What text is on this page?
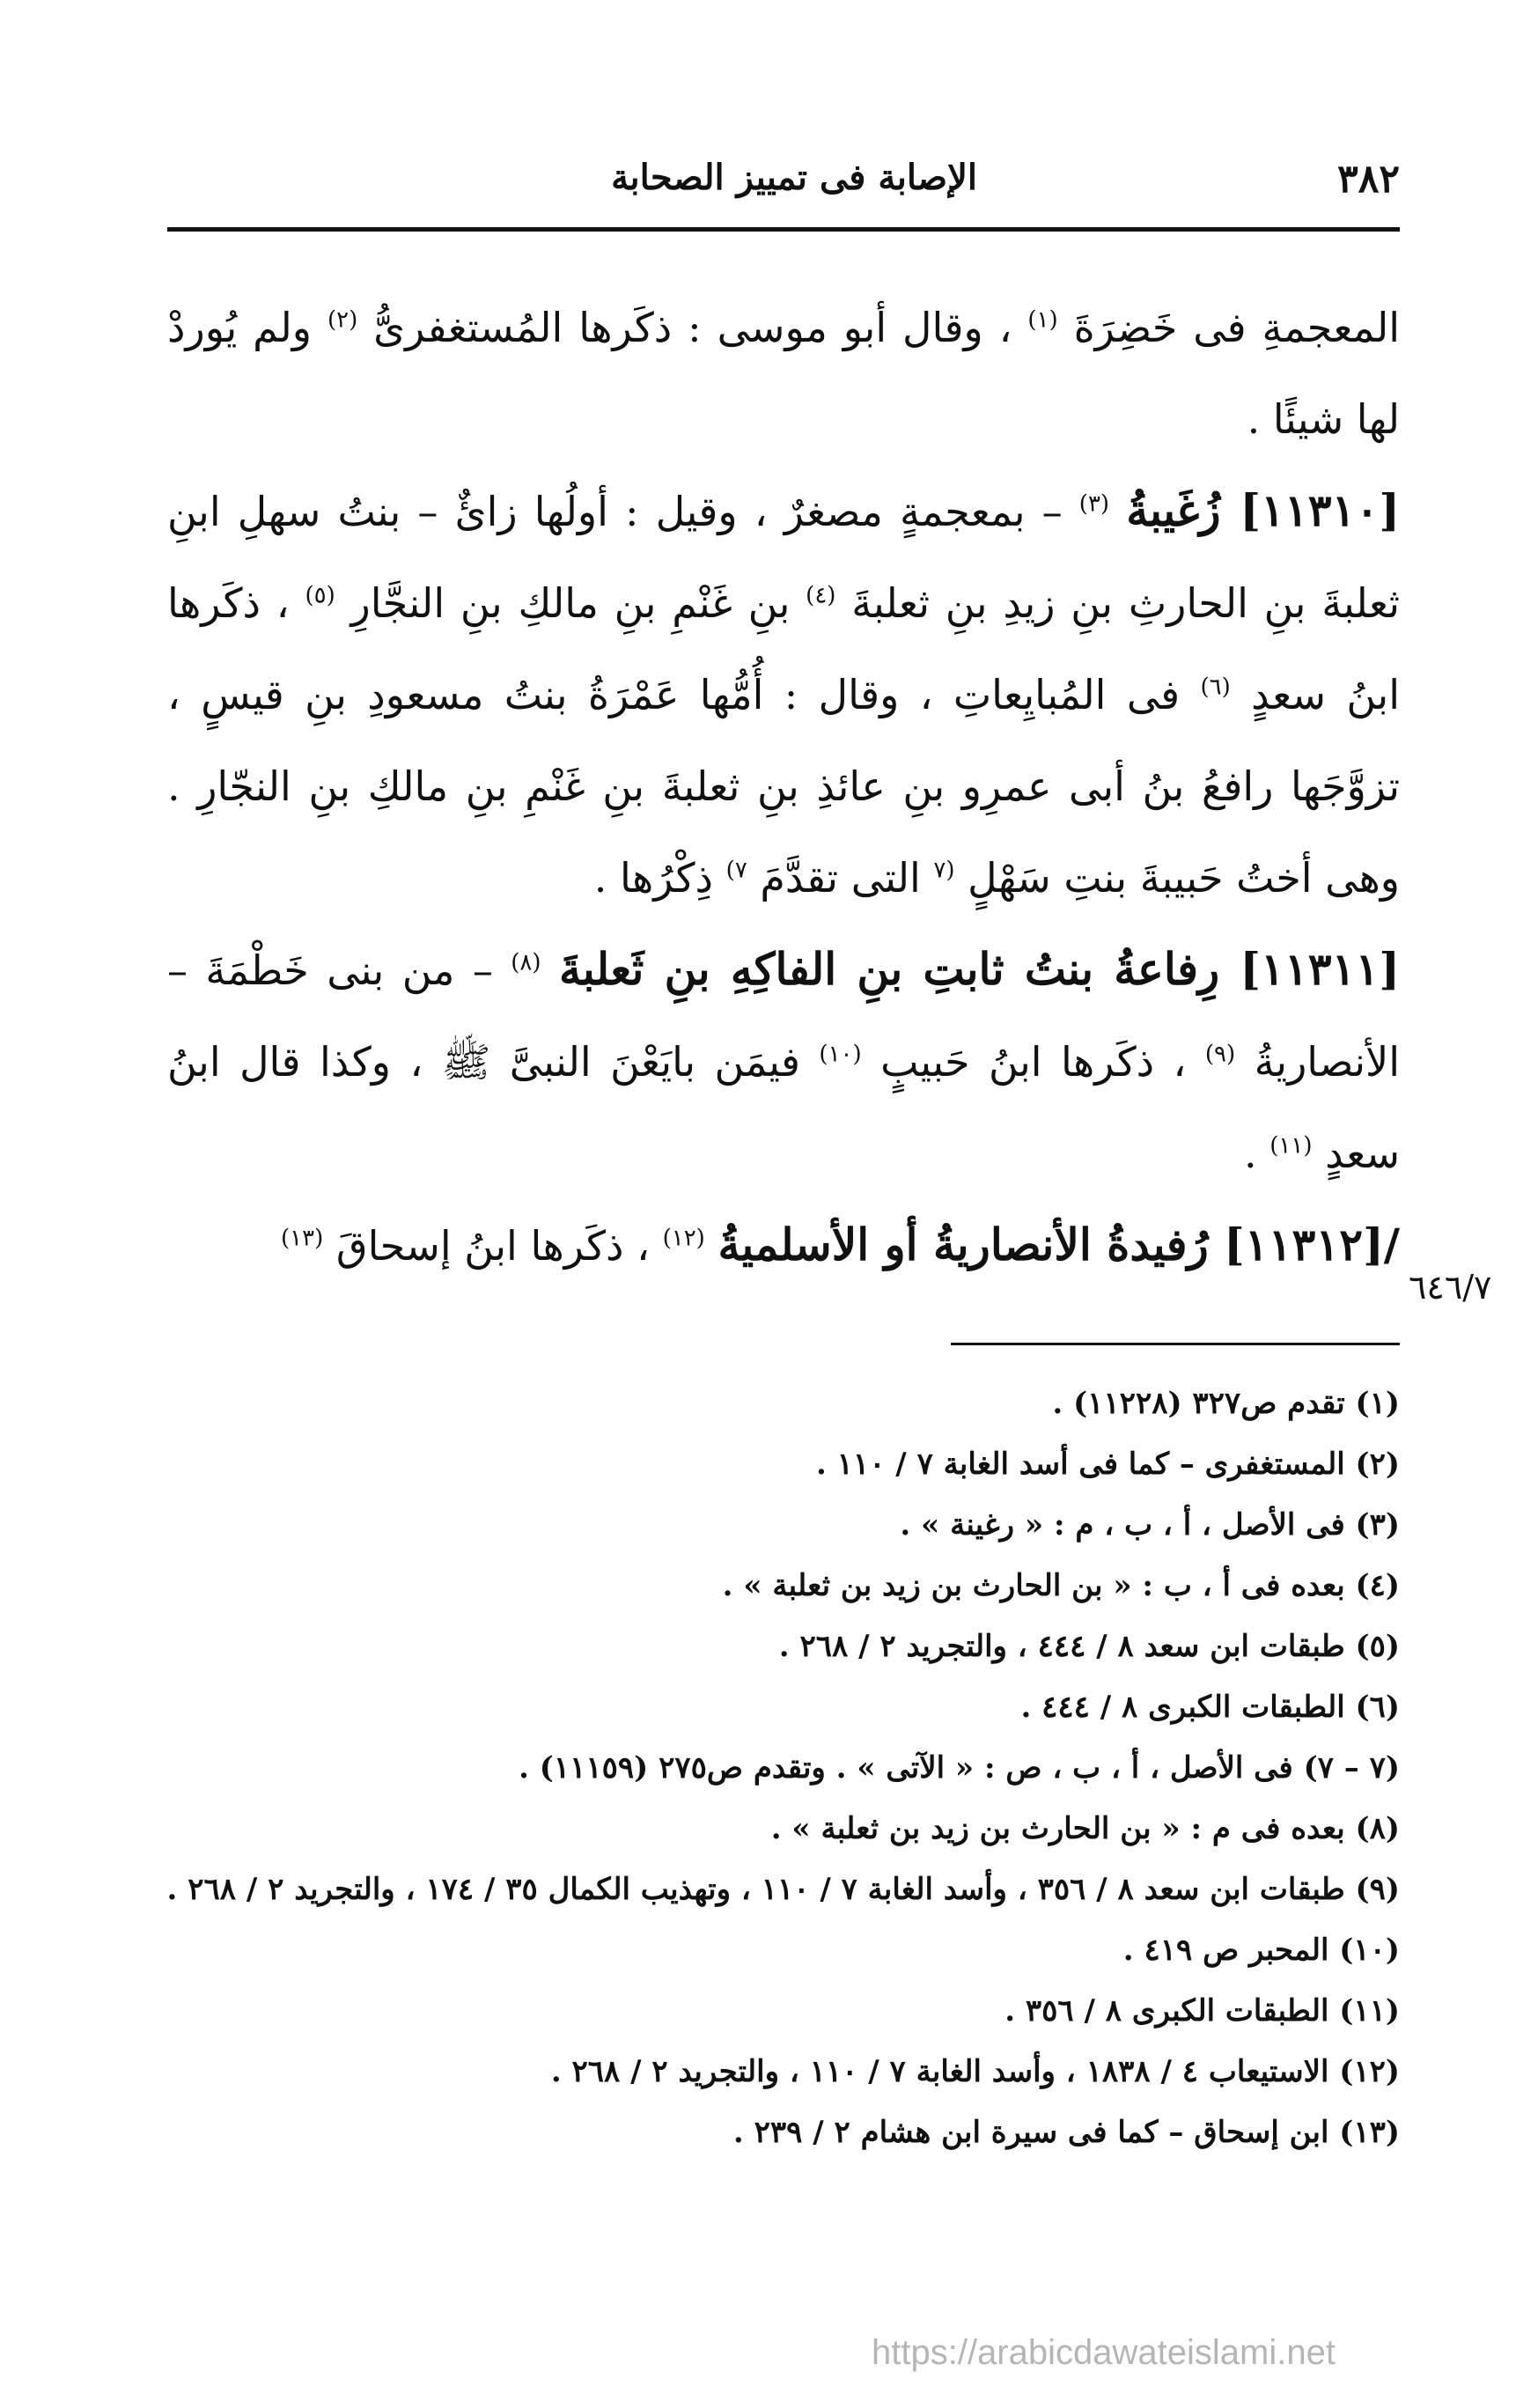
٣٨٢
الإصابة فى تمييز الصحابة

المعجمةِ فى خَضِرَةَ $^{(١)}$ ، وقال أبو موسى : ذكَرها المُستغفرىُّ $^{(٢)}$ ولم يُوردْ لها شيئًا .

[١١٣١٠] زُغَيبةُ $^{(٣)}$ – بمعجمةٍ مصغرٌ ، وقيل : أولُها زائٌ – بنتُ سهلِ ابنِ ثعلبةَ بنِ الحارثِ بنِ زيدِ بنِ ثعلبةَ $^{(٤)}$ بنِ غَنْمِ بنِ مالكِ بنِ النجَّارِ $^{(٥)}$ ، ذكَرها ابنُ سعدٍ $^{(٦)}$ فى المُبايِعاتِ ، وقال : أُمُّها عَمْرَةُ بنتُ مسعودِ بنِ قيسٍ ، تزوَّجَها رافعُ بنُ أبى عمرِو بنِ عائذِ بنِ ثعلبةَ بنِ غَنْمِ بنِ مالكِ بنِ النجّارِ . وهى أختُ حَبيبةَ بنتِ سَهْلٍ $^{(٧}$ التى تقدَّمَ $^{٧)}$ ذِكْرُها .

[١١٣١١] رِفاعةُ بنتُ ثابتِ بنِ الفاكِهِ بنِ ثَعلبةَ $^{(٨)}$ – من بنى خَطْمَةَ – الأنصاريةُ $^{(٩)}$ ، ذكَرها ابنُ حَبيبٍ $^{(١٠)}$ فيمَن بايَعْنَ النبىَّ ﷺ ، وكذا قال ابنُ سعدٍ $^{(١١)}$ .

/[١١٣١٢] رُفيدةُ الأنصاريةُ أو الأسلميةُ $^{(١٢)}$ ، ذكَرها ابنُ إسحاقَ $^{(١٣)}$

٦٤٦/٧

(١) تقدم ص٣٢٧ (١١٢٢٨) .

(٢) المستغفرى – كما فى أسد الغابة ٧ / ١١٠ .

(٣) فى الأصل ، أ ، ب ، م : « رغينة » .

(٤) بعده فى أ ، ب : « بن الحارث بن زيد بن ثعلبة » .

(٥) طبقات ابن سعد ٨ / ٤٤٤ ، والتجريد ٢ / ٢٦٨ .

(٦) الطبقات الكبرى ٨ / ٤٤٤ .

(٧ – ٧) فى الأصل ، أ ، ب ، ص : « الآتى » . وتقدم ص٢٧٥ (١١١٥٩) .

(٨) بعده فى م : « بن الحارث بن زيد بن ثعلبة » .

(٩) طبقات ابن سعد ٨ / ٣٥٦ ، وأسد الغابة ٧ / ١١٠ ، وتهذيب الكمال ٣٥ / ١٧٤ ، والتجريد ٢ / ٢٦٨ .

(١٠) المحبر ص ٤١٩ .

(١١) الطبقات الكبرى ٨ / ٣٥٦ .

(١٢) الاستيعاب ٤ / ١٨٣٨ ، وأسد الغابة ٧ / ١١٠ ، والتجريد ٢ / ٢٦٨ .

(١٣) ابن إسحاق – كما فى سيرة ابن هشام ٢ / ٢٣٩ .

https://arabicdawateislami.net
